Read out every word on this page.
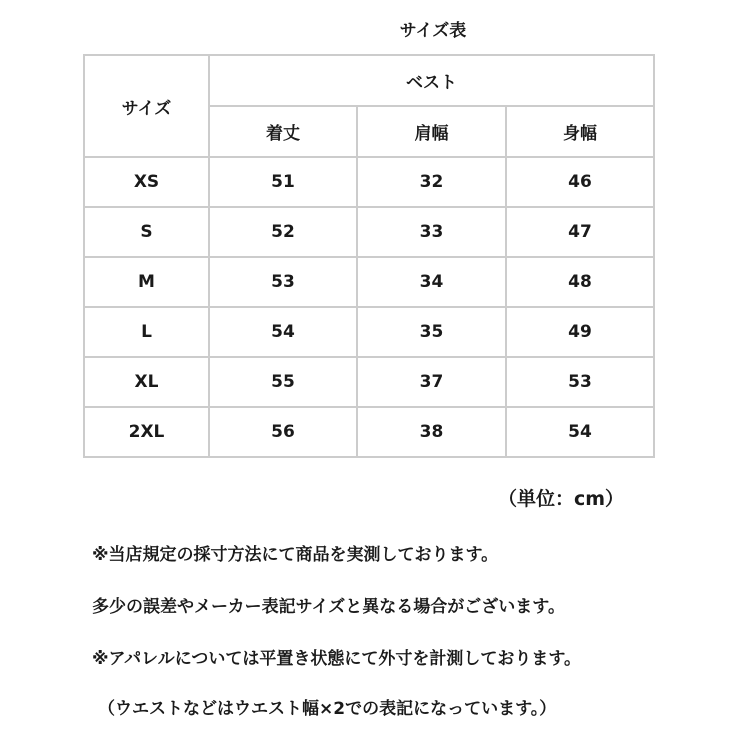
サイズ表
サイズ	ベスト		
	着丈	肩幅	身幅
XS	51	32	46
S	52	33	47
M	53	34	48
L	54	35	49
XL	55	37	53
2XL	56	38	54
（単位：cm）
※当店規定の採寸方法にて商品を実測しております。
多少の誤差やメーカー表記サイズと異なる場合がございます。
※アパレルについては平置き状態にて外寸を計測しております。
（ウエストなどはウエスト幅×2での表記になっています。）
